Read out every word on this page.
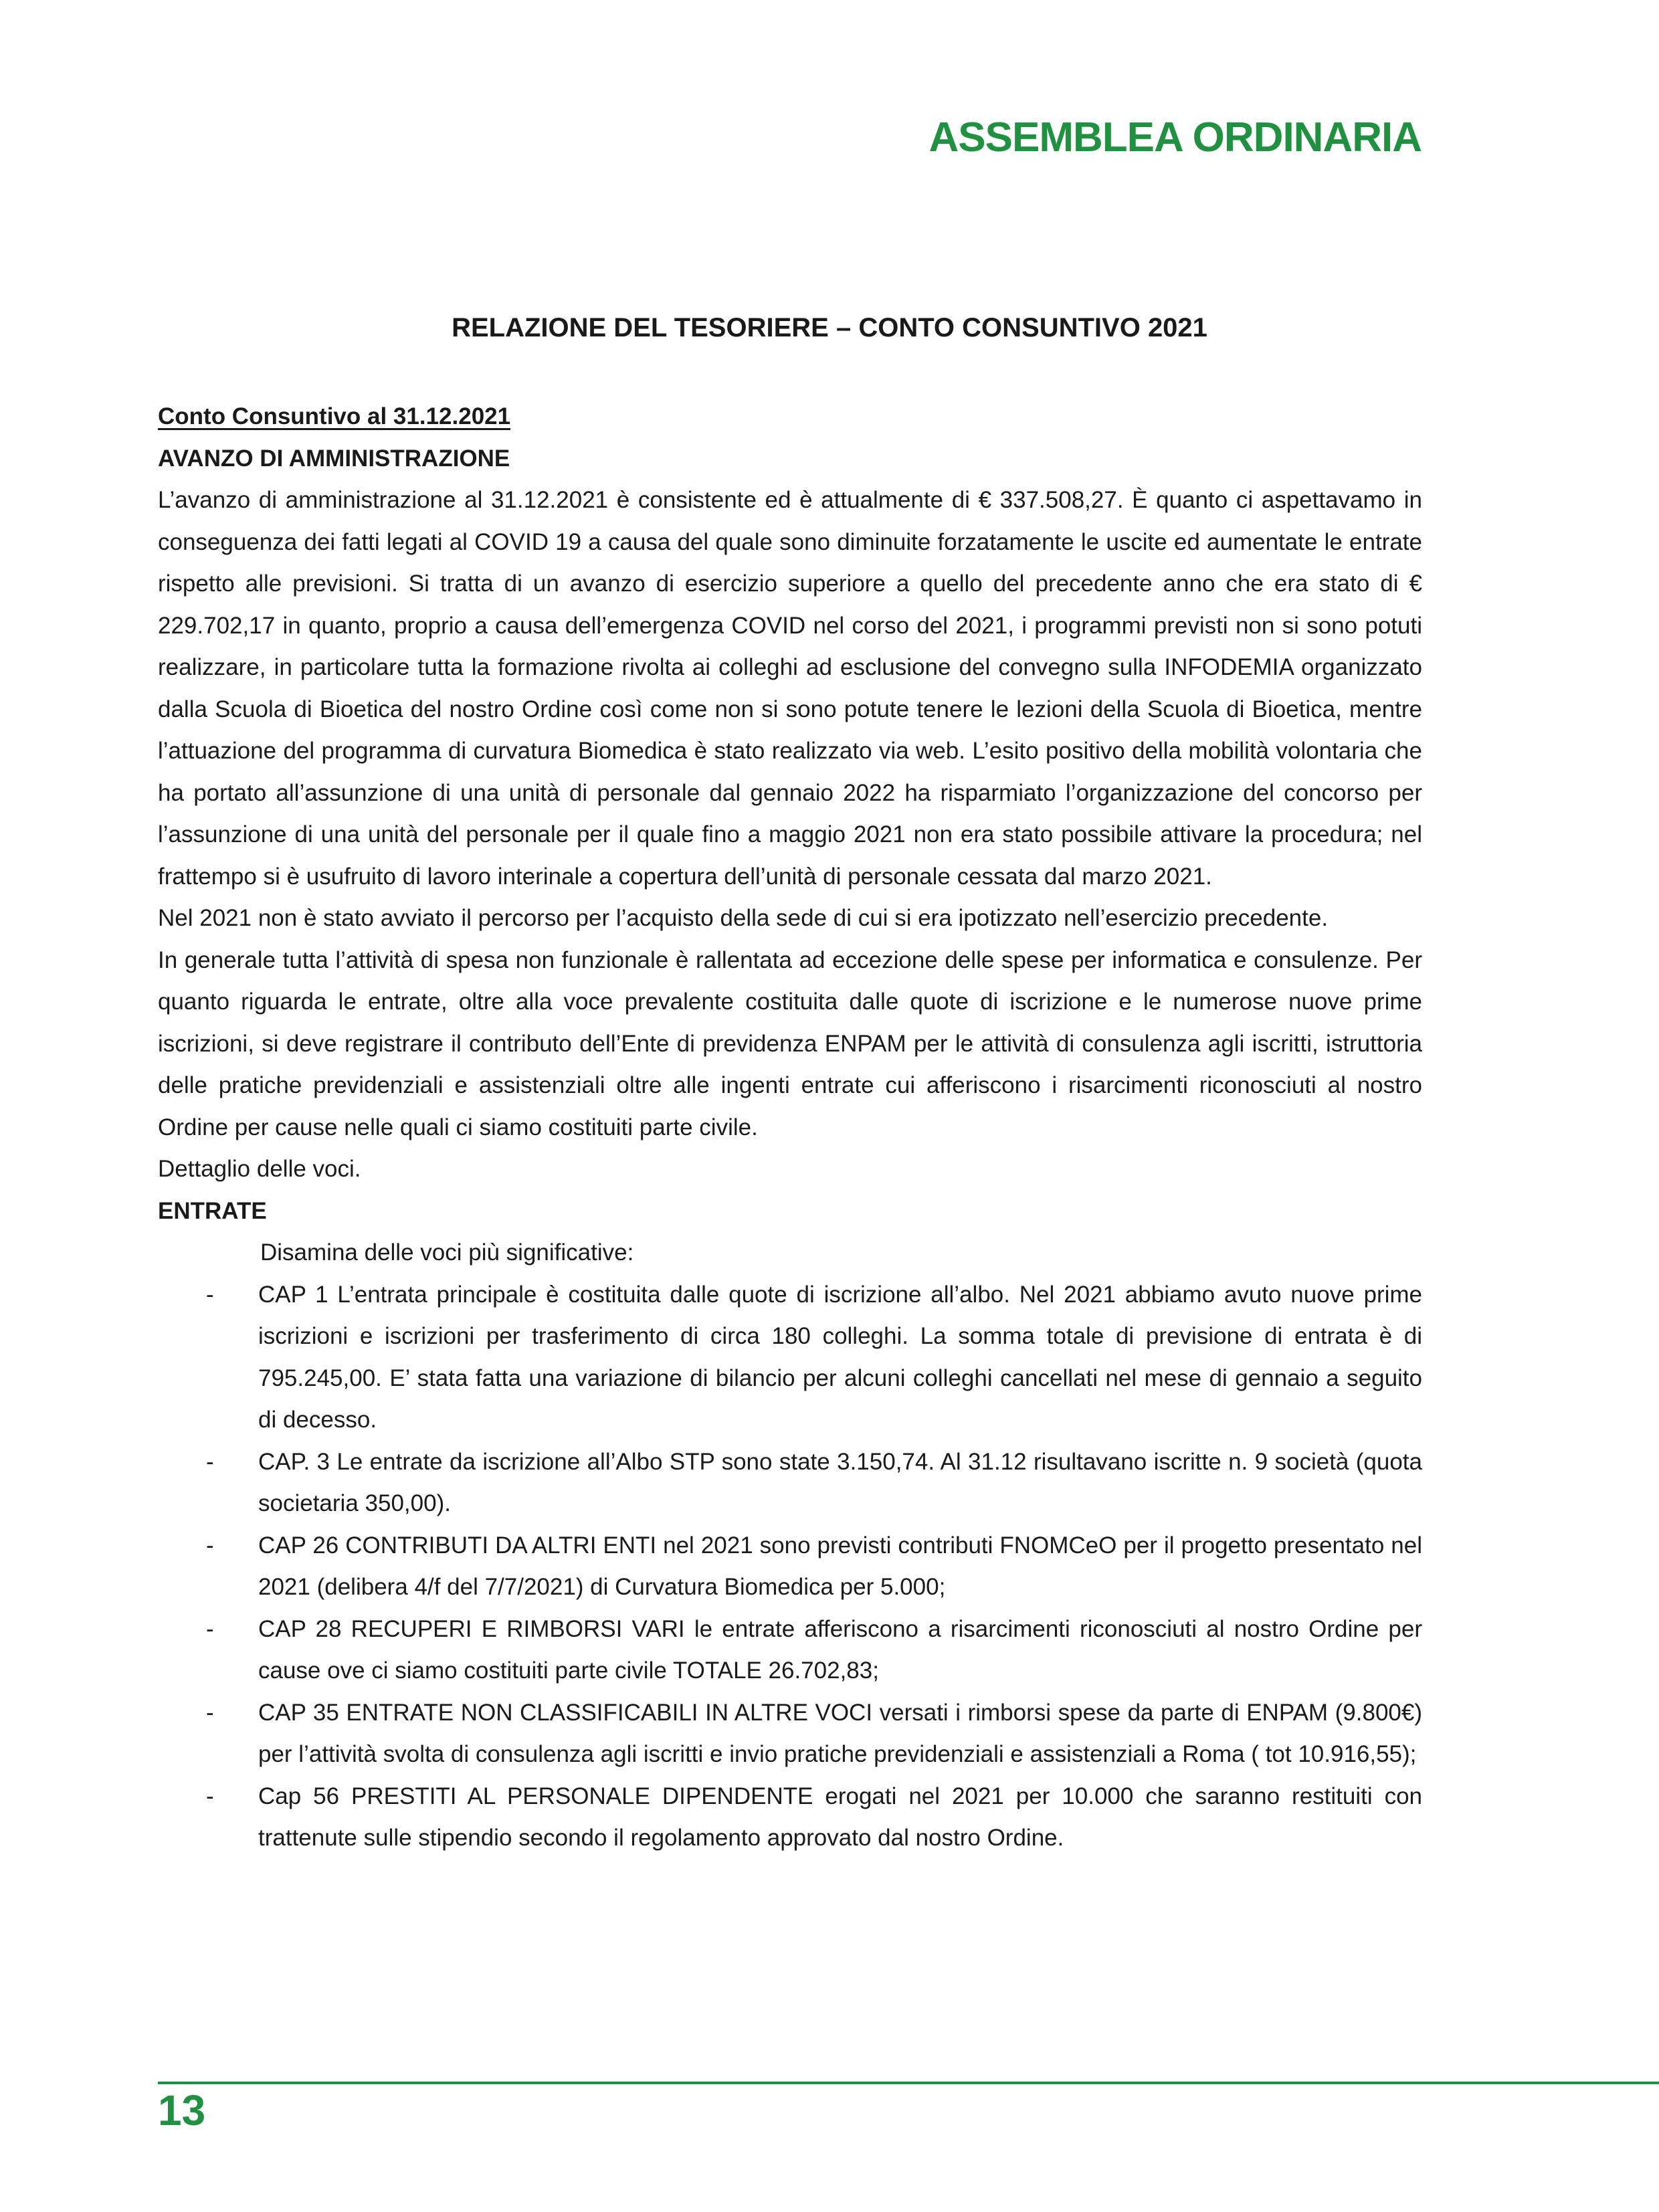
ASSEMBLEA ORDINARIA
RELAZIONE DEL TESORIERE – CONTO CONSUNTIVO 2021

Conto Consuntivo al 31.12.2021

AVANZO DI AMMINISTRAZIONE

L’avanzo di amministrazione al 31.12.2021 è consistente ed è attualmente di € 337.508,27. È quanto ci aspettavamo in conseguenza dei fatti legati al COVID 19 a causa del quale sono diminuite forzatamente le uscite ed aumentate le entrate rispetto alle previsioni. Si tratta di un avanzo di esercizio superiore a quello del precedente anno che era stato di € 229.702,17 in quanto, proprio a causa dell’emergenza COVID nel corso del 2021, i programmi previsti non si sono potuti realizzare, in particolare tutta la formazione rivolta ai colleghi ad esclusione del convegno sulla INFODEMIA organizzato dalla Scuola di Bioetica del nostro Ordine così come non si sono potute tenere le lezioni della Scuola di Bioetica, mentre l’attuazione del programma di curvatura Biomedica è stato realizzato via web. L’esito positivo della mobilità volontaria che ha portato all’assunzione di una unità di personale dal gennaio 2022 ha risparmiato l’organizzazione del concorso per l’assunzione di una unità del personale per il quale fino a maggio 2021 non era stato possibile attivare la procedura; nel frattempo si è usufruito di lavoro interinale a copertura dell’unità di personale cessata dal marzo 2021.

Nel 2021 non è stato avviato il percorso per l’acquisto della sede di cui si era ipotizzato nell’esercizio precedente.

In generale tutta l’attività di spesa non funzionale è rallentata ad eccezione delle spese per informatica e consulenze. Per quanto riguarda le entrate, oltre alla voce prevalente costituita dalle quote di iscrizione e le numerose nuove prime iscrizioni, si deve registrare il contributo dell’Ente di previdenza ENPAM per le attività di consulenza agli iscritti, istruttoria delle pratiche previdenziali e assistenziali oltre alle ingenti entrate cui afferiscono i risarcimenti riconosciuti al nostro Ordine per cause nelle quali ci siamo costituiti parte civile.

Dettaglio delle voci.

ENTRATE

Disamina delle voci più significative:

- CAP 1 L’entrata principale è costituita dalle quote di iscrizione all’albo. Nel 2021 abbiamo avuto nuove prime iscrizioni e iscrizioni per trasferimento di circa 180 colleghi. La somma totale di previsione di entrata è di 795.245,00. E’ stata fatta una variazione di bilancio per alcuni colleghi cancellati nel mese di gennaio a seguito di decesso.
- CAP. 3 Le entrate da iscrizione all’Albo STP sono state 3.150,74. Al 31.12 risultavano iscritte n. 9 società (quota societaria 350,00).
- CAP 26 CONTRIBUTI DA ALTRI ENTI nel 2021 sono previsti contributi FNOMCeO per il progetto presentato nel 2021 (delibera 4/f del 7/7/2021) di Curvatura Biomedica per 5.000;
- CAP 28 RECUPERI E RIMBORSI VARI le entrate afferiscono a risarcimenti riconosciuti al nostro Ordine per cause ove ci siamo costituiti parte civile TOTALE 26.702,83;
- CAP 35 ENTRATE NON CLASSIFICABILI IN ALTRE VOCI versati i rimborsi spese da parte di ENPAM (9.800€) per l’attività svolta di consulenza agli iscritti e invio pratiche previdenziali e assistenziali a Roma ( tot 10.916,55);
- Cap 56 PRESTITI AL PERSONALE DIPENDENTE erogati nel 2021 per 10.000 che saranno restituiti con trattenute sulle stipendio secondo il regolamento approvato dal nostro Ordine.

13
